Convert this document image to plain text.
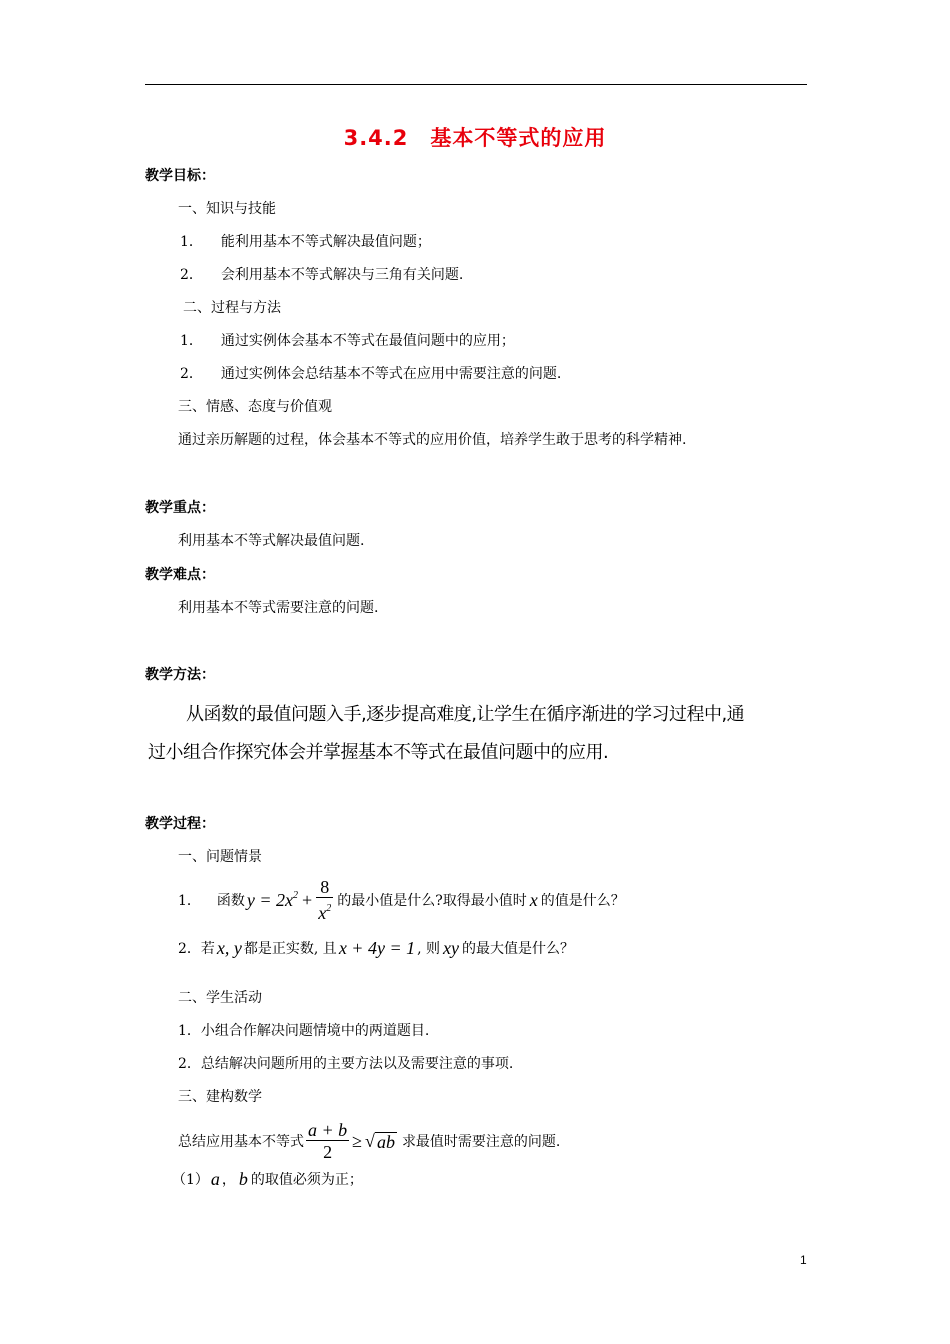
3.4.2　基本不等式的应用
教学目标：
一、知识与技能
1． 能利用基本不等式解决最值问题；
2． 会利用基本不等式解决与三角有关问题.
二、过程与方法
1． 通过实例体会基本不等式在最值问题中的应用；
2． 通过实例体会总结基本不等式在应用中需要注意的问题.
三、情感、态度与价值观
通过亲历解题的过程，体会基本不等式的应用价值，培养学生敢于思考的科学精神.
教学重点：
利用基本不等式解决最值问题.
教学难点：
利用基本不等式需要注意的问题.
教学方法：
从函数的最值问题入手,逐步提高难度,让学生在循序渐进的学习过程中,通
过小组合作探究体会并掌握基本不等式在最值问题中的应用.
教学过程：
一、问题情景
1． 函数 $y = 2x^2 + \frac{8}{x^2}$ 的最小值是什么?取得最小值时 x 的值是什么？
2．若 x, y 都是正实数, 且 x + 4y = 1 , 则 xy 的最大值是什么？
二、学生活动
1．小组合作解决问题情境中的两道题目.
2．总结解决问题所用的主要方法以及需要注意的事项.
三、建构数学
总结应用基本不等式 $\frac{a + b}{2}$ ≥ √ ab 求最值时需要注意的问题.
（1） a ， b 的取值必须为正；
1
